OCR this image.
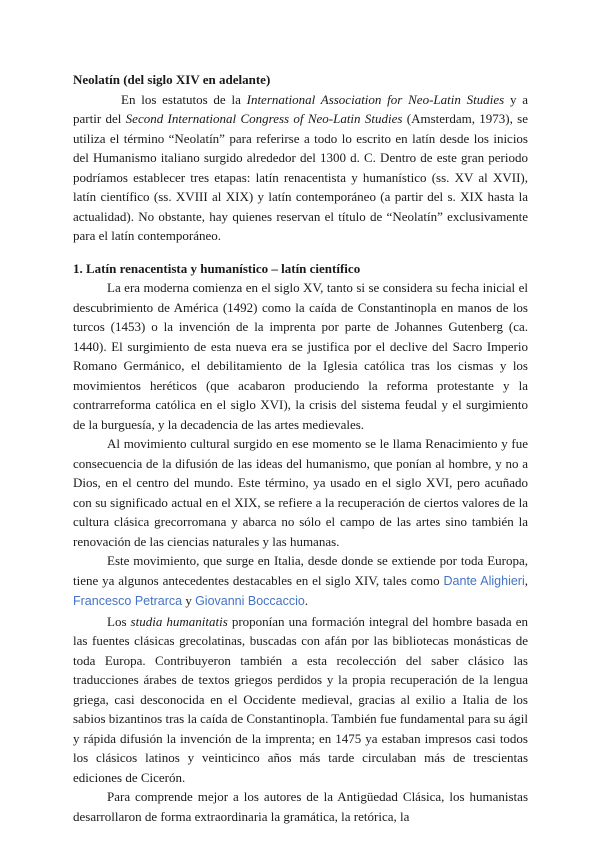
Neolatín (del siglo XIV en adelante)

En los estatutos de la International Association for Neo-Latin Studies y a partir del Second International Congress of Neo-Latin Studies (Amsterdam, 1973), se utiliza el término “Neolatín” para referirse a todo lo escrito en latín desde los inicios del Humanismo italiano surgido alrededor del 1300 d. C. Dentro de este gran periodo podríamos establecer tres etapas: latín renacentista y humanístico (ss. XV al XVII), latín científico (ss. XVIII al XIX) y latín contemporáneo (a partir del s. XIX hasta la actualidad). No obstante, hay quienes reservan el título de “Neolatín” exclusivamente para el latín contemporáneo.

1. Latín renacentista y humanístico – latín científico

La era moderna comienza en el siglo XV, tanto si se considera su fecha inicial el descubrimiento de América (1492) como la caída de Constantinopla en manos de los turcos (1453) o la invención de la imprenta por parte de Johannes Gutenberg (ca. 1440). El surgimiento de esta nueva era se justifica por el declive del Sacro Imperio Romano Germánico, el debilitamiento de la Iglesia católica tras los cismas y los movimientos heréticos (que acabaron produciendo la reforma protestante y la contrarreforma católica en el siglo XVI), la crisis del sistema feudal y el surgimiento de la burguesía, y la decadencia de las artes medievales.

Al movimiento cultural surgido en ese momento se le llama Renacimiento y fue consecuencia de la difusión de las ideas del humanismo, que ponían al hombre, y no a Dios, en el centro del mundo. Este término, ya usado en el siglo XVI, pero acuñado con su significado actual en el XIX, se refiere a la recuperación de ciertos valores de la cultura clásica grecorromana y abarca no sólo el campo de las artes sino también la renovación de las ciencias naturales y las humanas.

Este movimiento, que surge en Italia, desde donde se extiende por toda Europa, tiene ya algunos antecedentes destacables en el siglo XIV, tales como Dante Alighieri, Francesco Petrarca y Giovanni Boccaccio.

Los studia humanitatis proponían una formación integral del hombre basada en las fuentes clásicas grecolatinas, buscadas con afán por las bibliotecas monásticas de toda Europa. Contribuyeron también a esta recolección del saber clásico las traducciones árabes de textos griegos perdidos y la propia recuperación de la lengua griega, casi desconocida en el Occidente medieval, gracias al exilio a Italia de los sabios bizantinos tras la caída de Constantinopla. También fue fundamental para su ágil y rápida difusión la invención de la imprenta; en 1475 ya estaban impresos casi todos los clásicos latinos y veinticinco años más tarde circulaban más de trescientas ediciones de Cicerón.

Para comprende mejor a los autores de la Antigüedad Clásica, los humanistas desarrollaron de forma extraordinaria la gramática, la retórica, la
